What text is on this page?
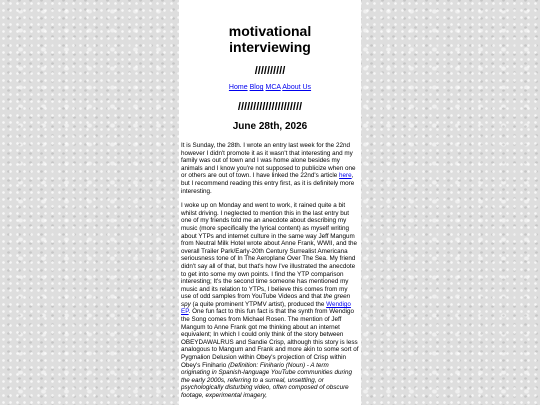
motivational
interviewing
//////////
Home Blog MCA About Us
/////////////////////
June 28th, 2026

It is Sunday, the 28th. I wrote an entry last week for the 22nd however I didn't promote it as it wasn't that interesting and my family was out of town and I was home alone besides my animals and I know you're not supposed to publicize when one or others are out of town. I have linked the 22nd's article here, but I recommend reading this entry first, as it is definitely more interesting.

I woke up on Monday and went to work, it rained quite a bit whilst driving. I neglected to mention this in the last entry but one of my friends told me an anecdote about describing my music (more specifically the lyrical content) as myself writing about YTPs and internet culture in the same way Jeff Mangum from Neutral Milk Hotel wrote about Anne Frank, WWII, and the overall Trailer Park/Early-20th Century Surrealist Americana seriousness tone of In The Aeroplane Over The Sea. My friend didn't say all of that, but that's how I've illustrated the anecdote to get into some my own points. I find the YTP comparison interesting; It's the second time someone has mentioned my music and its relation to YTPs, I believe this comes from my use of odd samples from YouTube Videos and that the green spy (a quite prominent YTPMV artist), produced the Wendigo EP. One fun fact to this fun fact is that the synth from Wendigo the Song comes from Michael Rosen. The mention of Jeff Mangum to Anne Frank got me thinking about an internet equivalent; In which I could only think of the story between OBEYDAWALRUS and Sandie Crisp, although this story is less analogous to Mangum and Frank and more akin to some sort of Pygmalion Delusion within Obey's projection of Crisp within Obey's Finihario (Definition: Finihario (Noun) - A term originating in Spanish-language YouTube communities during the early 2000s, referring to a surreal, unsettling, or psychologically disturbing video, often composed of obscure footage, experimental imagery,
